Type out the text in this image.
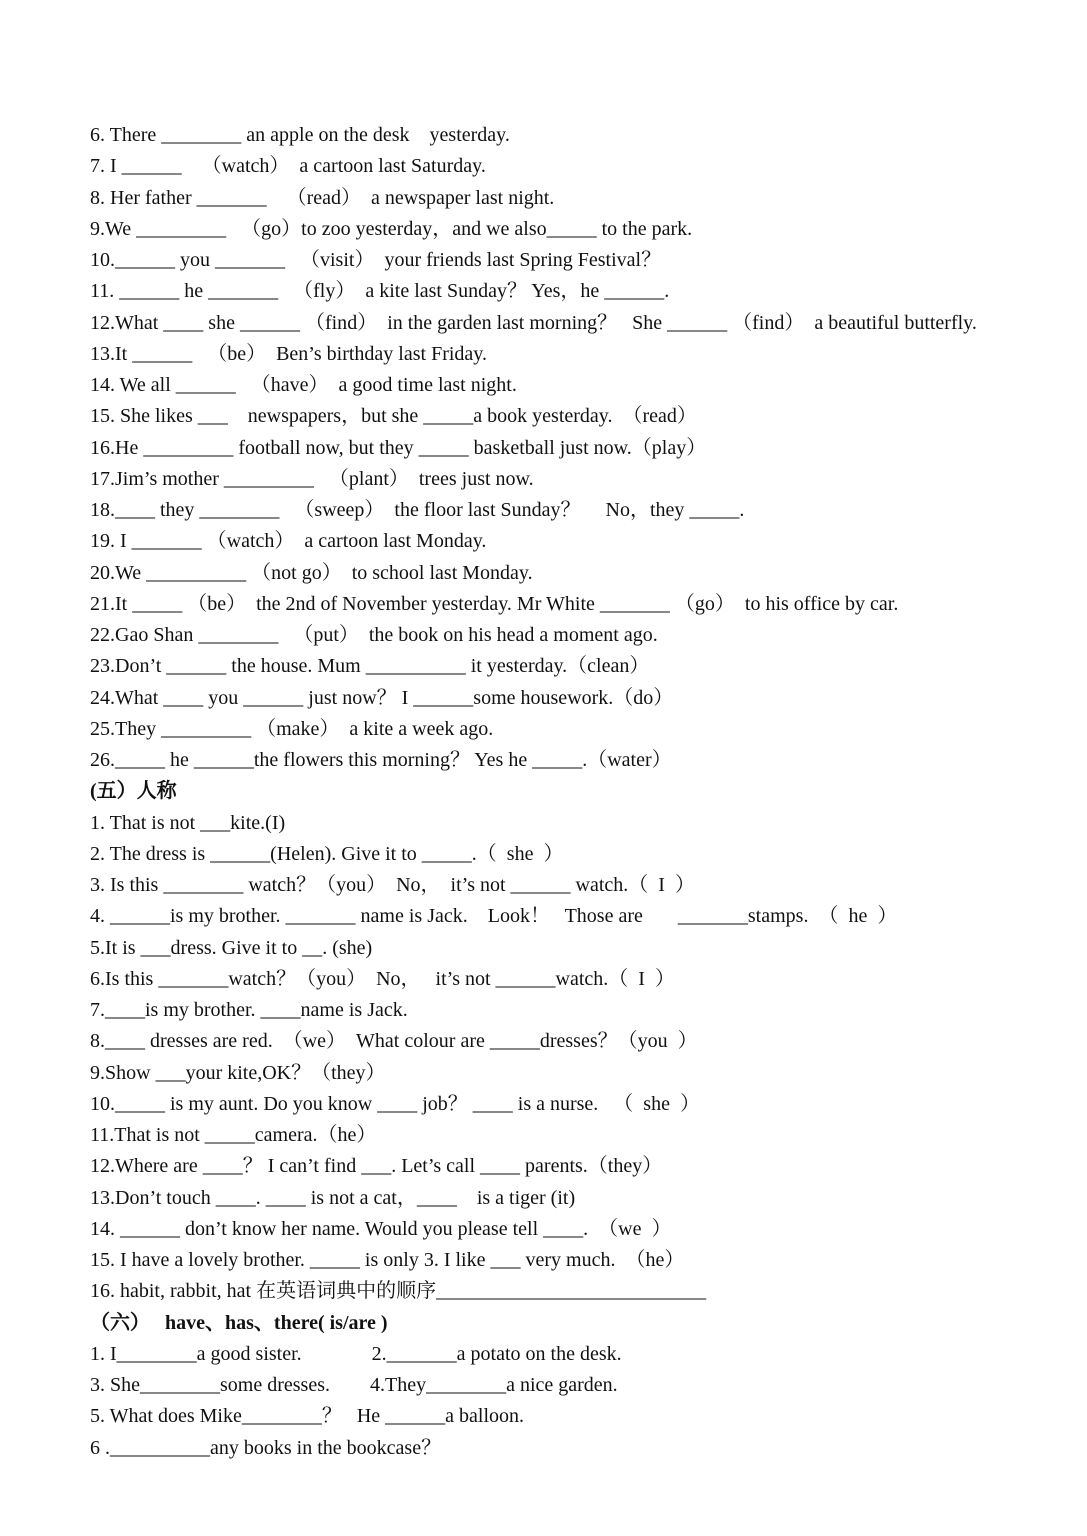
6. There ________ an apple on the desk    yesterday.
7. I ______    （watch）  a cartoon last Saturday.
8. Her father _______    （read）  a newspaper last night.
9.We _________   （go）to zoo yesterday，and we also_____ to the park.
10.______ you _______   （visit）  your friends last Spring Festival？
11. ______ he _______   （fly）  a kite last Sunday？ Yes，he ______.
12.What ____ she ______ （find）  in the garden last morning？   She ______ （find）  a beautiful butterfly.
13.It ______   （be）  Ben’s birthday last Friday.
14. We all ______   （have）  a good time last night.
15. She likes ___    newspapers，but she _____a book yesterday.  （read）
16.He _________ football now, but they _____ basketball just now.（play）
17.Jim’s mother _________   （plant）  trees just now.
18.____ they ________   （sweep）  the floor last Sunday？     No，they _____.
19. I _______ （watch）  a cartoon last Monday.
20.We __________ （not go）  to school last Monday.
21.It _____ （be）  the 2nd of November yesterday. Mr White _______ （go）  to his office by car.
22.Gao Shan ________   （put）  the book on his head a moment ago.
23.Don’t ______ the house. Mum __________ it yesterday.（clean）
24.What ____ you ______ just now？ I ______some housework.（do）
25.They _________ （make）  a kite a week ago.
26._____ he ______the flowers this morning？ Yes he _____.（water）
(五）人称
1. That is not ___kite.(I)
2. The dress is ______(Helen). Give it to _____.（  she  ）
3. Is this ________ watch？（you）  No，  it’s not ______ watch.（  I  ）
4. ______is my brother. _______ name is Jack.    Look！   Those are       _______stamps.  （  he  ）
5.It is ___dress. Give it to __. (she)
6.Is this _______watch？（you）  No，   it’s not ______watch.（  I  ）
7.____is my brother. ____name is Jack.
8.____ dresses are red.  （we）  What colour are _____dresses？（you  ）
9.Show ___your kite,OK？（they）
10._____ is my aunt. Do you know ____ job？ ____ is a nurse.   （  she  ）
11.That is not _____camera.（he）
12.Where are ____？ I can’t find ___. Let’s call ____ parents.（they）
13.Don’t touch ____. ____ is not a cat，____    is a tiger (it)
14. ______ don’t know her name. Would you please tell ____.  （we  ）
15. I have a lovely brother. _____ is only 3. I like ___ very much.  （he）
16. habit, rabbit, hat 在英语词典中的顺序___________________________
（六）   have、has、there( is/are )
1. I________a good sister.              2._______a potato on the desk.
3. She________some dresses.        4.They________a nice garden.
5. What does Mike________？   He ______a balloon.
6 .__________any books in the bookcase？
